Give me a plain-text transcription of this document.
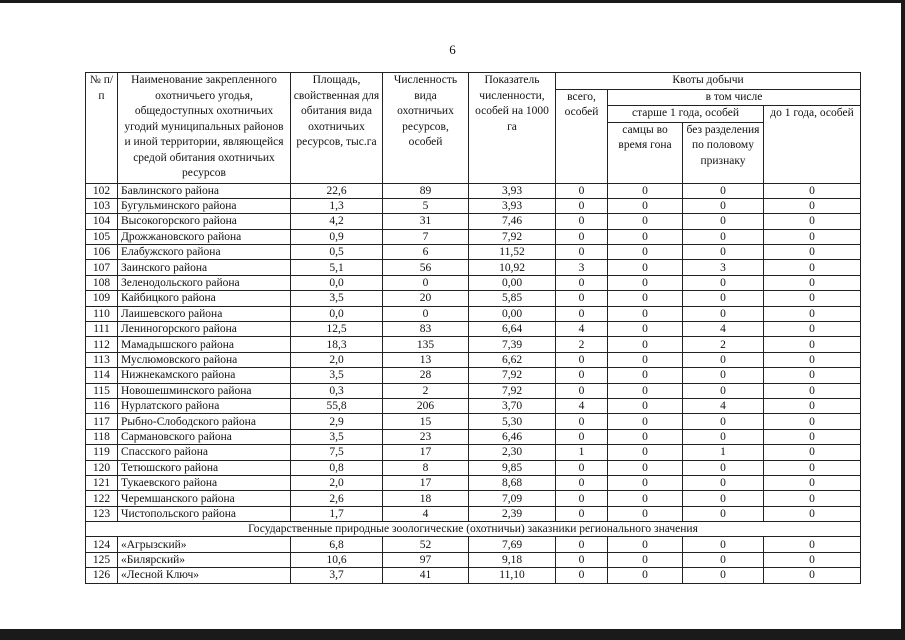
6
№ п/п	Наименование закрепленного охотничьего угодья, общедоступных охотничьих угодий муниципальных районов и иной территории, являющейся средой обитания охотничьих ресурсов	Площадь, свойственная для обитания вида охотничьих ресурсов, тыс.га	Численность вида охотничьих ресурсов, особей	Показатель численности, особей на 1000 га	Квоты добычи			
					всего, особей	в том числе		
						старше 1 года, особей		до 1 года, особей
						самцы во время гона	без разделения по половому признаку	
102	Бавлинского района	22,6	89	3,93	0	0	0	0
103	Бугульминского района	1,3	5	3,93	0	0	0	0
104	Высокогорского района	4,2	31	7,46	0	0	0	0
105	Дрожжановского района	0,9	7	7,92	0	0	0	0
106	Елабужского района	0,5	6	11,52	0	0	0	0
107	Заинского района	5,1	56	10,92	3	0	3	0
108	Зеленодольского района	0,0	0	0,00	0	0	0	0
109	Кайбицкого района	3,5	20	5,85	0	0	0	0
110	Лаишевского района	0,0	0	0,00	0	0	0	0
111	Лениногорского района	12,5	83	6,64	4	0	4	0
112	Мамадышского района	18,3	135	7,39	2	0	2	0
113	Муслюмовского района	2,0	13	6,62	0	0	0	0
114	Нижнекамского района	3,5	28	7,92	0	0	0	0
115	Новошешминского района	0,3	2	7,92	0	0	0	0
116	Нурлатского района	55,8	206	3,70	4	0	4	0
117	Рыбно-Слободского района	2,9	15	5,30	0	0	0	0
118	Сармановского района	3,5	23	6,46	0	0	0	0
119	Спасского района	7,5	17	2,30	1	0	1	0
120	Тетюшского района	0,8	8	9,85	0	0	0	0
121	Тукаевского района	2,0	17	8,68	0	0	0	0
122	Черемшанского района	2,6	18	7,09	0	0	0	0
123	Чистопольского района	1,7	4	2,39	0	0	0	0
Государственные природные зоологические (охотничьи) заказники регионального значения								
124	«Агрызский»	6,8	52	7,69	0	0	0	0
125	«Билярский»	10,6	97	9,18	0	0	0	0
126	«Лесной Ключ»	3,7	41	11,10	0	0	0	0
